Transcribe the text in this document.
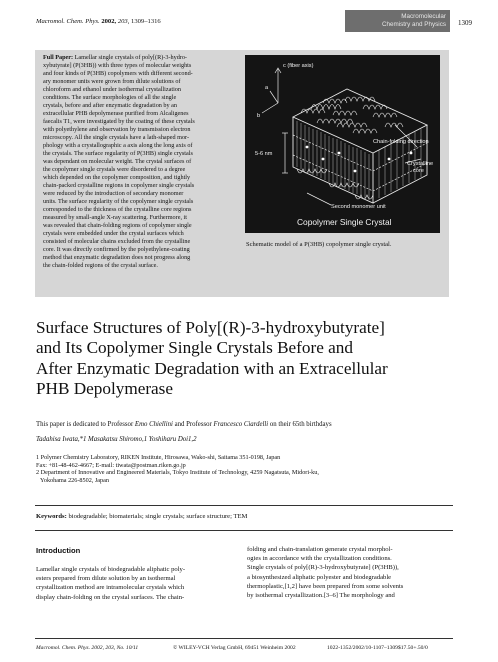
Macromol. Chem. Phys. 2002, 203, 1309–1316
Macromolecular
Chemistry and Physics 1309
Full Paper: Lamellar single crystals of poly[(R)-3-hydro-
xybutyrate] (P(3HB)) with three types of molecular weights
and four kinds of P(3HB) copolymers with different second-
ary monomer units were grown from dilute solutions of
chloroform and ethanol under isothermal crystallization
conditions. The surface morphologies of all the single
crystals, before and after enzymatic degradation by an
extracellular PHB depolymerase purified from Alcaligenes
faecalis T1, were investigated by the coating of these crystals
with polyethylene and observation by transmission electron
microscopy. All the single crystals have a lath-shaped mor-
phology with a crystallographic a axis along the long axis of
the crystals. The surface regularity of P(3HB) single crystals
was dependant on molecular weight. The crystal surfaces of
the copolymer single crystals were disordered to a degree
which depended on the copolymer composition, and tightly
chain-packed crystalline regions in copolymer single crystals
were reduced by the introduction of secondary monomer
units. The surface regularity of the copolymer single crystals
corresponded to the thickness of the crystalline core regions
measured by small-angle X-ray scattering. Furthermore, it
was revealed that chain-folding regions of copolymer single
crystals were embedded under the crystal surfaces which
consisted of molecular chains excluded from the crystalline
core. It was directly confirmed by the polyethylene-coating
method that enzymatic degradation does not progress along
the chain-folded regions of the crystal surface.
c (fiber axis)
b
a
5-6 nm
Chain-folding direction
Crystalline
core
Second monomer unit
Copolymer Single Crystal
Schematic model of a P(3HB) copolymer single crystal.
Surface Structures of Poly[(R)-3-hydroxybutyrate]
and Its Copolymer Single Crystals Before and
After Enzymatic Degradation with an Extracellular
PHB Depolymerase
This paper is dedicated to Professor Emo Chiellini and Professor Francesco Ciardelli on their 65th birthdays
Tadahisa Iwata,*1 Masakatsu Shiromo,1 Yoshiharu Doi1,2
1 Polymer Chemistry Laboratory, RIKEN Institute, Hirosawa, Wako-shi, Saitama 351-0198, Japan
Fax: +81-48-462-4667; E-mail: tiwata@postman.riken.go.jp
2 Department of Innovative and Engineered Materials, Tokyo Institute of Technology, 4259 Nagatsuta, Midori-ku,
Yokohama 226-8502, Japan
Keywords: biodegradable; biomaterials; single crystals; surface structure; TEM
Introduction
Lamellar single crystals of biodegradable aliphatic poly-
esters prepared from dilute solution by an isothermal
crystallization method are intramolecular crystals which
display chain-folding on the crystal surfaces. The chain-
folding and chain-translation generate crystal morphol-
ogies in accordance with the crystallization conditions.
Single crystals of poly[(R)-3-hydroxybutyrate] (P(3HB)),
a biosynthesized aliphatic polyester and biodegradable
thermoplastic,[1,2] have been prepared from some solvents
by isothermal crystallization.[3–6] The morphology and
Macromol. Chem. Phys. 2002, 203, No. 10/11	© WILEY-VCH Verlag GmbH, 69451 Weinheim 2002	1022-1352/2002/10-1107–1309$17.50+.50/0
